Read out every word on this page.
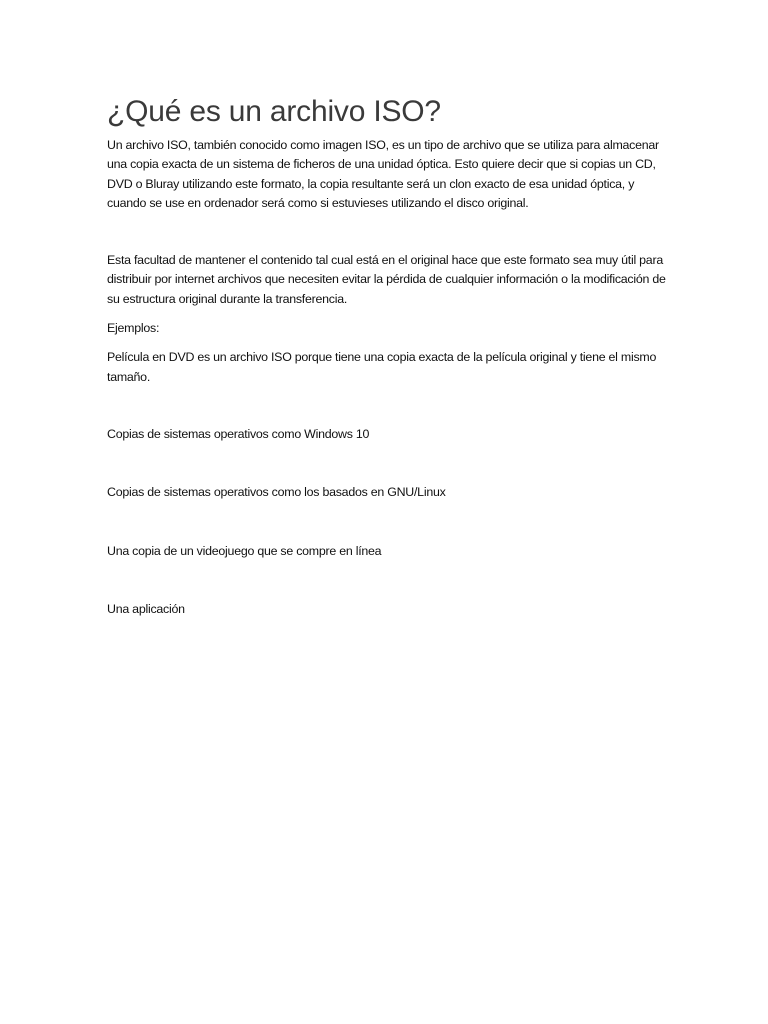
¿Qué es un archivo ISO?

Un archivo ISO, también conocido como imagen ISO, es un tipo de archivo que se utiliza para almacenar una copia exacta de un sistema de ficheros de una unidad óptica. Esto quiere decir que si copias un CD, DVD o Bluray utilizando este formato, la copia resultante será un clon exacto de esa unidad óptica, y cuando se use en ordenador será como si estuvieses utilizando el disco original.

Esta facultad de mantener el contenido tal cual está en el original hace que este formato sea muy útil para distribuir por internet archivos que necesiten evitar la pérdida de cualquier información o la modificación de su estructura original durante la transferencia.

Ejemplos:

Película en DVD es un archivo ISO porque tiene una copia exacta de la película original y tiene el mismo tamaño.

Copias de sistemas operativos como Windows 10

Copias de sistemas operativos como los basados en GNU/Linux

Una copia de un videojuego que se compre en línea

Una aplicación
